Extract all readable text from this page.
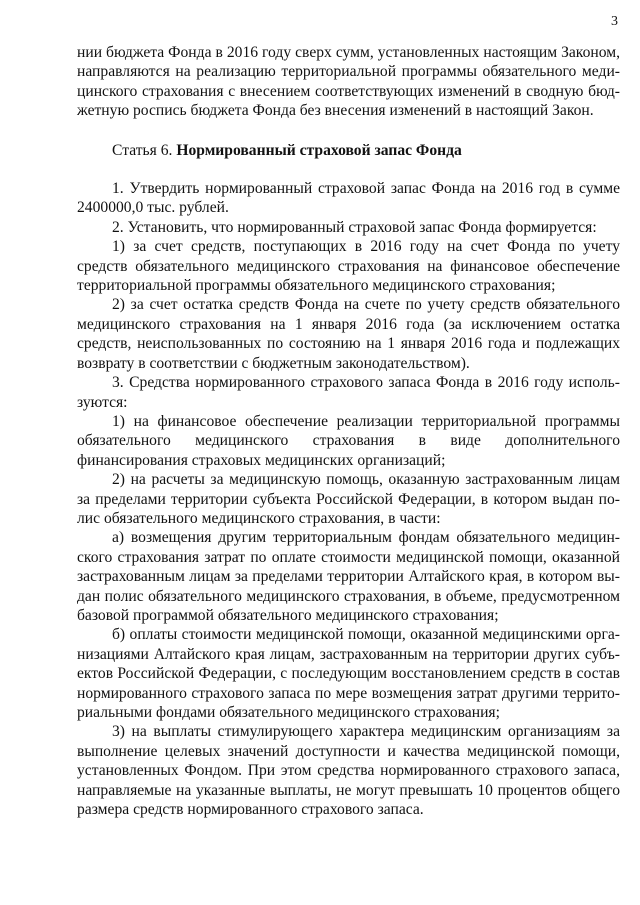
3

нии бюджета Фонда в 2016 году сверх сумм, установленных настоящим Законом, направляются на реализацию территориальной программы обязательного медицинского страхования с внесением соответствующих изменений в сводную бюджетную роспись бюджета Фонда без внесения изменений в настоящий Закон.

Статья 6. Нормированный страховой запас Фонда

1. Утвердить нормированный страховой запас Фонда на 2016 год в сумме 2400000,0 тыс. рублей.

2. Установить, что нормированный страховой запас Фонда формируется:

1) за счет средств, поступающих в 2016 году на счет Фонда по учету средств обязательного медицинского страхования на финансовое обеспечение территориальной программы обязательного медицинского страхования;

2) за счет остатка средств Фонда на счете по учету средств обязательного медицинского страхования на 1 января 2016 года (за исключением остатка средств, неиспользованных по состоянию на 1 января 2016 года и подлежащих возврату в соответствии с бюджетным законодательством).

3. Средства нормированного страхового запаса Фонда в 2016 году используются:

1) на финансовое обеспечение реализации территориальной программы обязательного медицинского страхования в виде дополнительного финансирования страховых медицинских организаций;

2) на расчеты за медицинскую помощь, оказанную застрахованным лицам за пределами территории субъекта Российской Федерации, в котором выдан полис обязательного медицинского страхования, в части:

а) возмещения другим территориальным фондам обязательного медицинского страхования затрат по оплате стоимости медицинской помощи, оказанной застрахованным лицам за пределами территории Алтайского края, в котором выдан полис обязательного медицинского страхования, в объеме, предусмотренном базовой программой обязательного медицинского страхования;

б) оплаты стоимости медицинской помощи, оказанной медицинскими организациями Алтайского края лицам, застрахованным на территории других субъектов Российской Федерации, с последующим восстановлением средств в состав нормированного страхового запаса по мере возмещения затрат другими территориальными фондами обязательного медицинского страхования;

3) на выплаты стимулирующего характера медицинским организациям за выполнение целевых значений доступности и качества медицинской помощи, установленных Фондом. При этом средства нормированного страхового запаса, направляемые на указанные выплаты, не могут превышать 10 процентов общего размера средств нормированного страхового запаса.
